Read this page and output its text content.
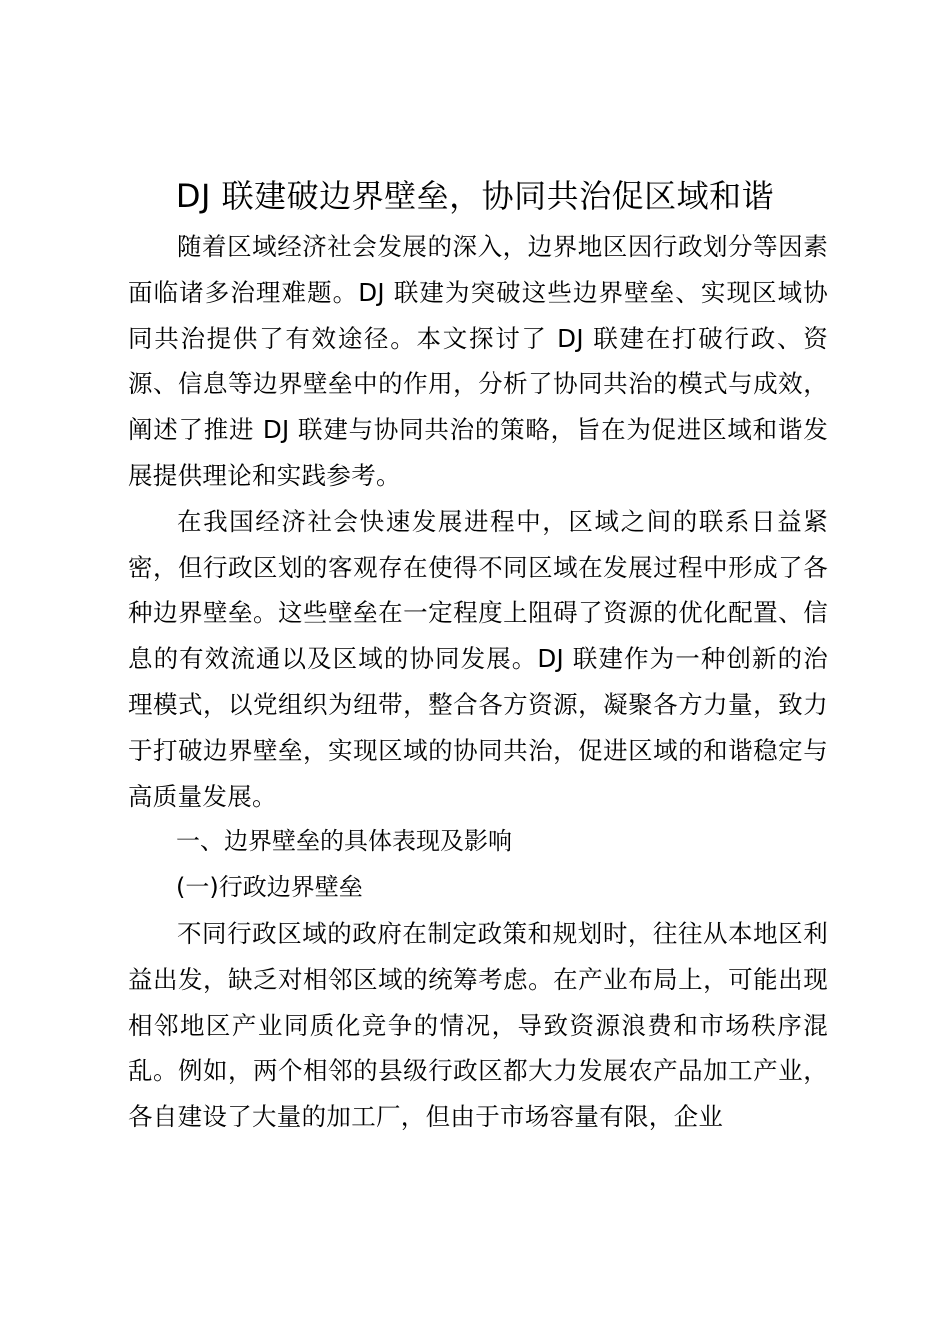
DJ 联建破边界壁垒，协同共治促区域和谐

随着区域经济社会发展的深入，边界地区因行政划分等因素面临诸多治理难题。DJ 联建为突破这些边界壁垒、实现区域协同共治提供了有效途径。本文探讨了 DJ 联建在打破行政、资源、信息等边界壁垒中的作用，分析了协同共治的模式与成效，阐述了推进 DJ 联建与协同共治的策略，旨在为促进区域和谐发展提供理论和实践参考。

在我国经济社会快速发展进程中，区域之间的联系日益紧密，但行政区划的客观存在使得不同区域在发展过程中形成了各种边界壁垒。这些壁垒在一定程度上阻碍了资源的优化配置、信息的有效流通以及区域的协同发展。DJ 联建作为一种创新的治理模式，以党组织为纽带，整合各方资源，凝聚各方力量，致力于打破边界壁垒，实现区域的协同共治，促进区域的和谐稳定与高质量发展。

一、边界壁垒的具体表现及影响

(一)行政边界壁垒

不同行政区域的政府在制定政策和规划时，往往从本地区利益出发，缺乏对相邻区域的统筹考虑。在产业布局上，可能出现相邻地区产业同质化竞争的情况，导致资源浪费和市场秩序混乱。例如，两个相邻的县级行政区都大力发展农产品加工产业，各自建设了大量的加工厂，但由于市场容量有限，企业
